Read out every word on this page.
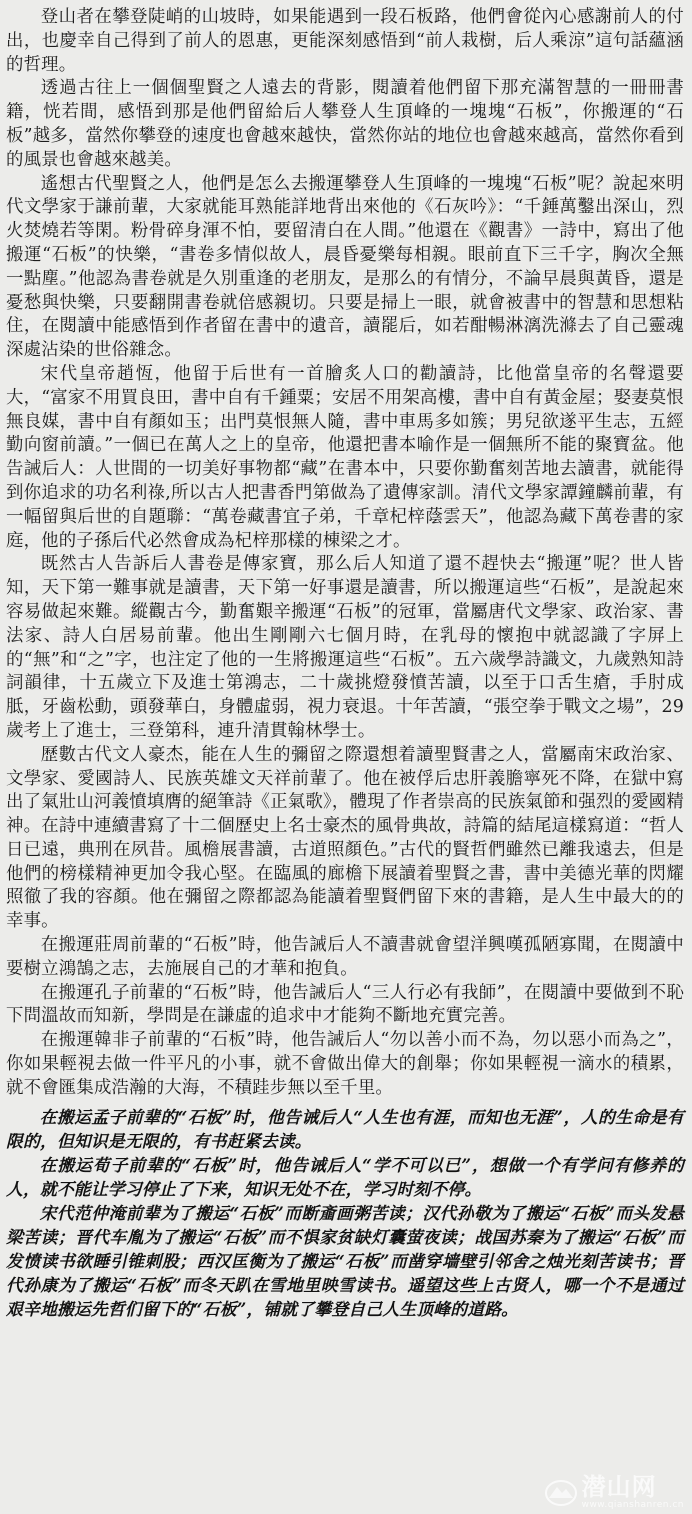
登山者在攀登陡峭的山坡時，如果能遇到一段石板路，他們會從內心感謝前人的付出，也慶幸自己得到了前人的恩惠，更能深刻感悟到“前人栽樹，后人乘涼”這句話蘊涵的哲理。

透過古往上一個個聖賢之人遠去的背影，閱讀着他們留下那充滿智慧的一冊冊書籍，恍若間，感悟到那是他們留給后人攀登人生頂峰的一塊塊“石板”，你搬運的“石板”越多，當然你攀登的速度也會越來越快，當然你站的地位也會越來越高，當然你看到的風景也會越來越美。

遙想古代聖賢之人，他們是怎么去搬運攀登人生頂峰的一塊塊“石板”呢？說起來明代文學家于謙前輩，大家就能耳熟能詳地背出來他的《石灰吟》：“千錘萬鑿出深山，烈火焚燒若等閑。粉骨碎身渾不怕，要留清白在人間。”他還在《觀書》一詩中，寫出了他搬運“石板”的快樂，“書卷多情似故人，晨昏憂樂每相親。眼前直下三千字，胸次全無一點塵。”他認為書卷就是久別重逢的老朋友，是那么的有情分，不論早晨與黃昏，還是憂愁與快樂，只要翻開書卷就倍感親切。只要是掃上一眼，就會被書中的智慧和思想粘住，在閱讀中能感悟到作者留在書中的遺音，讀罷后，如若酣暢淋漓洗滌去了自己靈魂深處沾染的世俗雜念。

宋代皇帝趙恆，他留于后世有一首膾炙人口的勸讀詩，比他當皇帝的名聲還要大，“富家不用買良田，書中自有千鍾粟；安居不用架高樓，書中自有黃金屋；娶妻莫恨無良媒，書中自有顏如玉；出門莫恨無人隨，書中車馬多如簇；男兒欲遂平生志，五經勤向窗前讀。”一個已在萬人之上的皇帝，他還把書本喻作是一個無所不能的聚寶盆。他告誡后人：人世間的一切美好事物都“藏”在書本中，只要你勤奮刻苦地去讀書，就能得到你追求的功名利祿,所以古人把書香門第做為了遺傳家訓。清代文學家譚鐘麟前輩，有一幅留與后世的自題聯：“萬卷藏書宜子弟，千章杞梓蔭雲天”，他認為藏下萬卷書的家庭，他的子孫后代必然會成為杞梓那樣的棟梁之才。

既然古人告訴后人書卷是傳家寶，那么后人知道了還不趕快去“搬運”呢？世人皆知，天下第一難事就是讀書，天下第一好事還是讀書，所以搬運這些“石板”，是說起來容易做起來難。縱觀古今，勤奮艱辛搬運“石板”的冠軍，當屬唐代文學家、政治家、書法家、詩人白居易前輩。他出生剛剛六七個月時，在乳母的懷抱中就認識了字屏上的“無”和“之”字，也注定了他的一生將搬運這些“石板”。五六歲學詩識文，九歲熟知詩詞韻律，十五歲立下及進士第鴻志，二十歲挑燈發憤苦讀，以至于口舌生瘡，手肘成胝，牙齒松動，頭發華白，身體虛弱，視力衰退。十年苦讀，“張空拳于戰文之場”，29歲考上了進士，三登第科，連升清貫翰林學士。

歷數古代文人豪杰，能在人生的彌留之際還想着讀聖賢書之人，當屬南宋政治家、文學家、愛國詩人、民族英雄文天祥前輩了。他在被俘后忠肝義膽寧死不降，在獄中寫出了氣壯山河義憤填膺的絕筆詩《正氣歌》，體現了作者崇高的民族氣節和强烈的愛國精神。在詩中連續書寫了十二個歷史上名士豪杰的風骨典故，詩篇的結尾這樣寫道：“哲人日已遠，典刑在夙昔。風檐展書讀，古道照顏色。”古代的賢哲們雖然已離我遠去，但是他們的榜樣精神更加令我心堅。在臨風的廊檐下展讀着聖賢之書，書中美德光華的閃耀照徹了我的容顏。他在彌留之際都認為能讀着聖賢們留下來的書籍，是人生中最大的的幸事。

在搬運莊周前輩的“石板”時，他告誡后人不讀書就會望洋興嘆孤陋寡聞，在閱讀中要樹立鴻鵠之志，去施展自己的才華和抱負。

在搬運孔子前輩的“石板”時，他告誡后人“三人行必有我師”，在閱讀中要做到不恥下問溫故而知新，學問是在謙虛的追求中才能夠不斷地充實完善。

在搬運韓非子前輩的“石板”時，他告誡后人“勿以善小而不為，勿以惡小而為之”，你如果輕視去做一件平凡的小事，就不會做出偉大的創舉；你如果輕視一滴水的積累，就不會匯集成浩瀚的大海，不積跬步無以至千里。

在搬运孟子前辈的“石板”时，他告诫后人“人生也有涯，而知也无涯”，人的生命是有限的，但知识是无限的，有书赶紧去读。

在搬运荀子前辈的“石板”时，他告诫后人“学不可以已”，想做一个有学问有修养的人，就不能让学习停止了下来，知识无处不在，学习时刻不停。

宋代范仲淹前辈为了搬运“石板”而断齑画粥苦读；汉代孙敬为了搬运“石板”而头发悬梁苦读；晋代车胤为了搬运“石板”而不惧家贫缺灯囊萤夜读；战国苏秦为了搬运“石板”而发愤读书欲睡引锥刺股；西汉匡衡为了搬运“石板”而凿穿墙壁引邻舍之烛光刻苦读书；晋代孙康为了搬运“石板”而冬天趴在雪地里映雪读书。遥望这些上古贤人，哪一个不是通过艰辛地搬运先哲们留下的“石板”，铺就了攀登自己人生顶峰的道路。

潜山网
www.qianshanren.cn
